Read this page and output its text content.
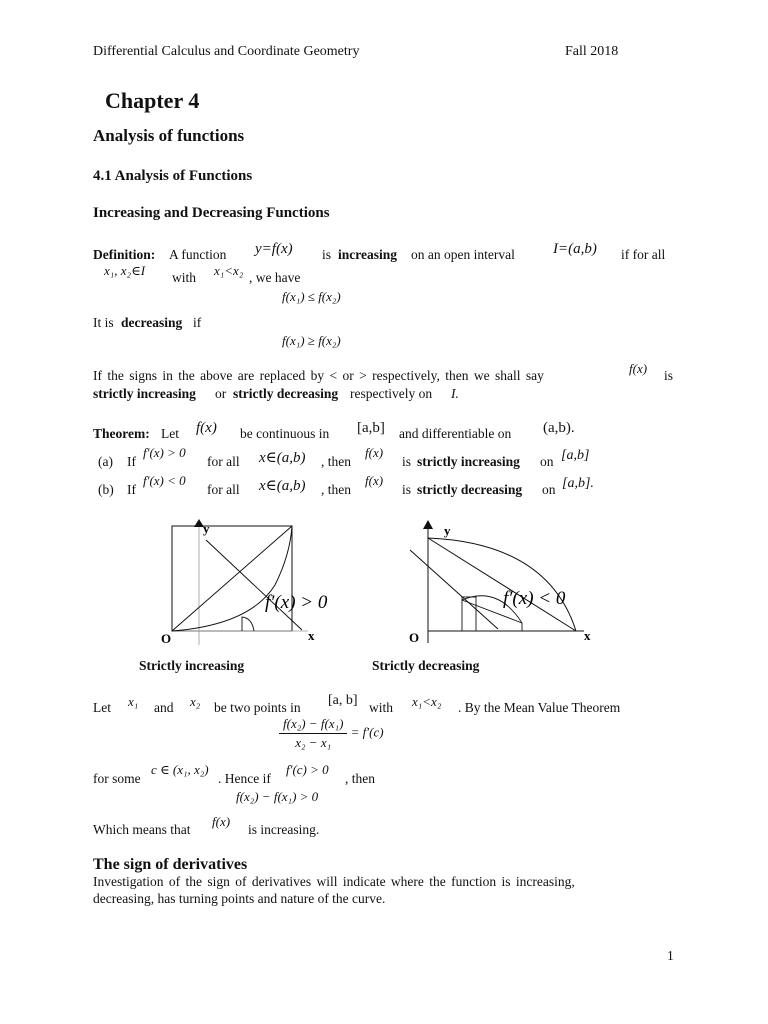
Differential Calculus and Coordinate Geometry	Fall 2018
Chapter 4
Analysis of functions
4.1 Analysis of Functions
Increasing and Decreasing Functions
Definition: A function y=f(x) is increasing on an open interval	I=(a,b) if for all
x₁, x₂∈I with x₁<x₂ , we have
f(x₁) ≤ f(x₂)
It is decreasing if
f(x₁) ≥ f(x₂)
If the signs in the above are replaced by < or > respectively, then we shall say	f(x) is
strictly increasing or strictly decreasing respectively on I.
Theorem: Let f(x) be continuous in [a,b] and differentiable on (a,b).
(a) If
f′(x) > 0
for all x∈(a,b) , then
f(x)
is strictly increasing on [a,b]
(b) If
f′(x) < 0
for all x∈(a,b) , then
f(x)
is strictly decreasing on [a,b].
y
x
O
f′(x) > 0
Strictly increasing
y
x
O
f′(x) < 0
Strictly decreasing
Let x₁ and x₂ be two points in [a, b] with x₁<x₂ . By the Mean Value Theorem
$\frac{\text{f(x₂) − f(x₁)}}{\text{x₂ − x₁}} = f'(c)$
for some
c ∈ (x₁, x₂)
. Hence if
f′(c) > 0
, then
f(x₂) − f(x₁) > 0
Which means that
f(x)
is increasing.
The sign of derivatives
Investigation of the sign of derivatives will indicate where the function is increasing,
decreasing, has turning points and nature of the curve.
1
